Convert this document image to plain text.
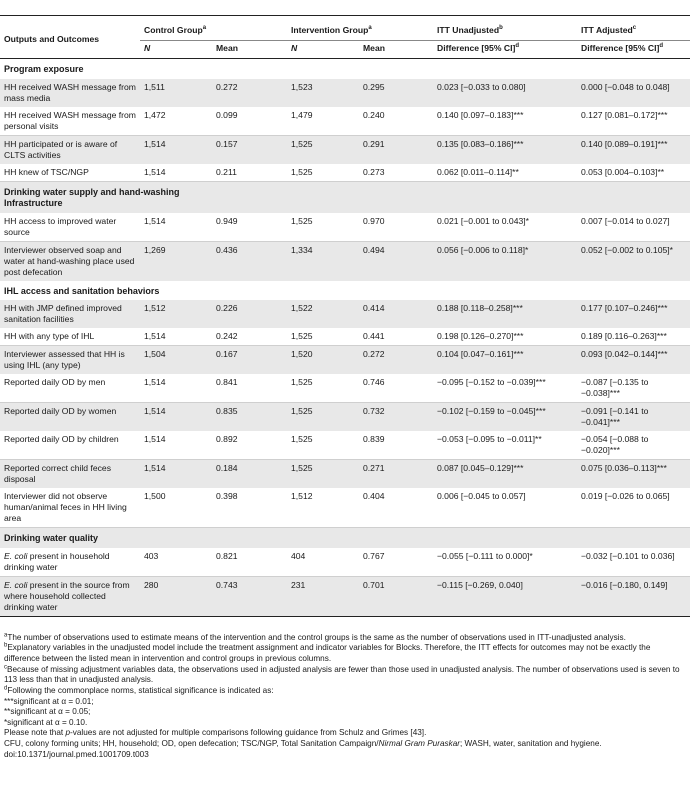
Outputs and Outcomes	Control Group$^a$		Intervention Group$^a$		ITT Unadjusted$^b$	ITT Adjusted$^c$
	N	Mean	N	Mean	Difference [95% CI]$^d$	Difference [95% CI]$^d$
Program exposure						
HH received WASH message from mass media	1,511	0.272	1,523	0.295	0.023 [−0.033 to 0.080]	0.000 [−0.048 to 0.048]
HH received WASH message from personal visits	1,472	0.099	1,479	0.240	0.140 [0.097–0.183]***	0.127 [0.081–0.172]***
HH participated or is aware of CLTS activities	1,514	0.157	1,525	0.291	0.135 [0.083–0.186]***	0.140 [0.089–0.191]***
HH knew of TSC/NGP	1,514	0.211	1,525	0.273	0.062 [0.011–0.114]**	0.053 [0.004–0.103]**
Drinking water supply and hand-washing Infrastructure						
HH access to improved water source	1,514	0.949	1,525	0.970	0.021 [−0.001 to 0.043]*	0.007 [−0.014 to 0.027]
Interviewer observed soap and water at hand-washing place used post defecation	1,269	0.436	1,334	0.494	0.056 [−0.006 to 0.118]*	0.052 [−0.002 to 0.105]*
IHL access and sanitation behaviors						
HH with JMP defined improved sanitation facilities	1,512	0.226	1,522	0.414	0.188 [0.118–0.258]***	0.177 [0.107–0.246]***
HH with any type of IHL	1,514	0.242	1,525	0.441	0.198 [0.126–0.270]***	0.189 [0.116–0.263]***
Interviewer assessed that HH is using IHL (any type)	1,504	0.167	1,520	0.272	0.104 [0.047–0.161]***	0.093 [0.042–0.144]***
Reported daily OD by men	1,514	0.841	1,525	0.746	−0.095 [−0.152 to −0.039]***	−0.087 [−0.135 to −0.038]***
Reported daily OD by women	1,514	0.835	1,525	0.732	−0.102 [−0.159 to −0.045]***	−0.091 [−0.141 to −0.041]***
Reported daily OD by children	1,514	0.892	1,525	0.839	−0.053 [−0.095 to −0.011]**	−0.054 [−0.088 to −0.020]***
Reported correct child feces disposal	1,514	0.184	1,525	0.271	0.087 [0.045–0.129]***	0.075 [0.036–0.113]***
Interviewer did not observe human/animal feces in HH living area	1,500	0.398	1,512	0.404	0.006 [−0.045 to 0.057]	0.019 [−0.026 to 0.065]
Drinking water quality						
E. coli present in household drinking water	403	0.821	404	0.767	−0.055 [−0.111 to 0.000]*	−0.032 [−0.101 to 0.036]
E. coli present in the source from where household collected drinking water	280	0.743	231	0.701	−0.115 [−0.269, 0.040]	−0.016 [−0.180, 0.149]

$^a$The number of observations used to estimate means of the intervention and the control groups is the same as the number of observations used in ITT-unadjusted analysis.

$^b$Explanatory variables in the unadjusted model include the treatment assignment and indicator variables for Blocks. Therefore, the ITT effects for outcomes may not be exactly the difference between the listed mean in intervention and control groups in previous columns.

$^c$Because of missing adjustment variables data, the observations used in adjusted analysis are fewer than those used in unadjusted analysis. The number of observations used is seven to 113 less than that in unadjusted analysis.

$^d$Following the commonplace norms, statistical significance is indicated as:

***significant at α = 0.01;

**significant at α = 0.05;

*significant at α = 0.10.

Please note that p-values are not adjusted for multiple comparisons following guidance from Schulz and Grimes [43].

CFU, colony forming units; HH, household; OD, open defecation; TSC/NGP, Total Sanitation Campaign/Nirmal Gram Puraskar; WASH, water, sanitation and hygiene.

doi:10.1371/journal.pmed.1001709.t003
